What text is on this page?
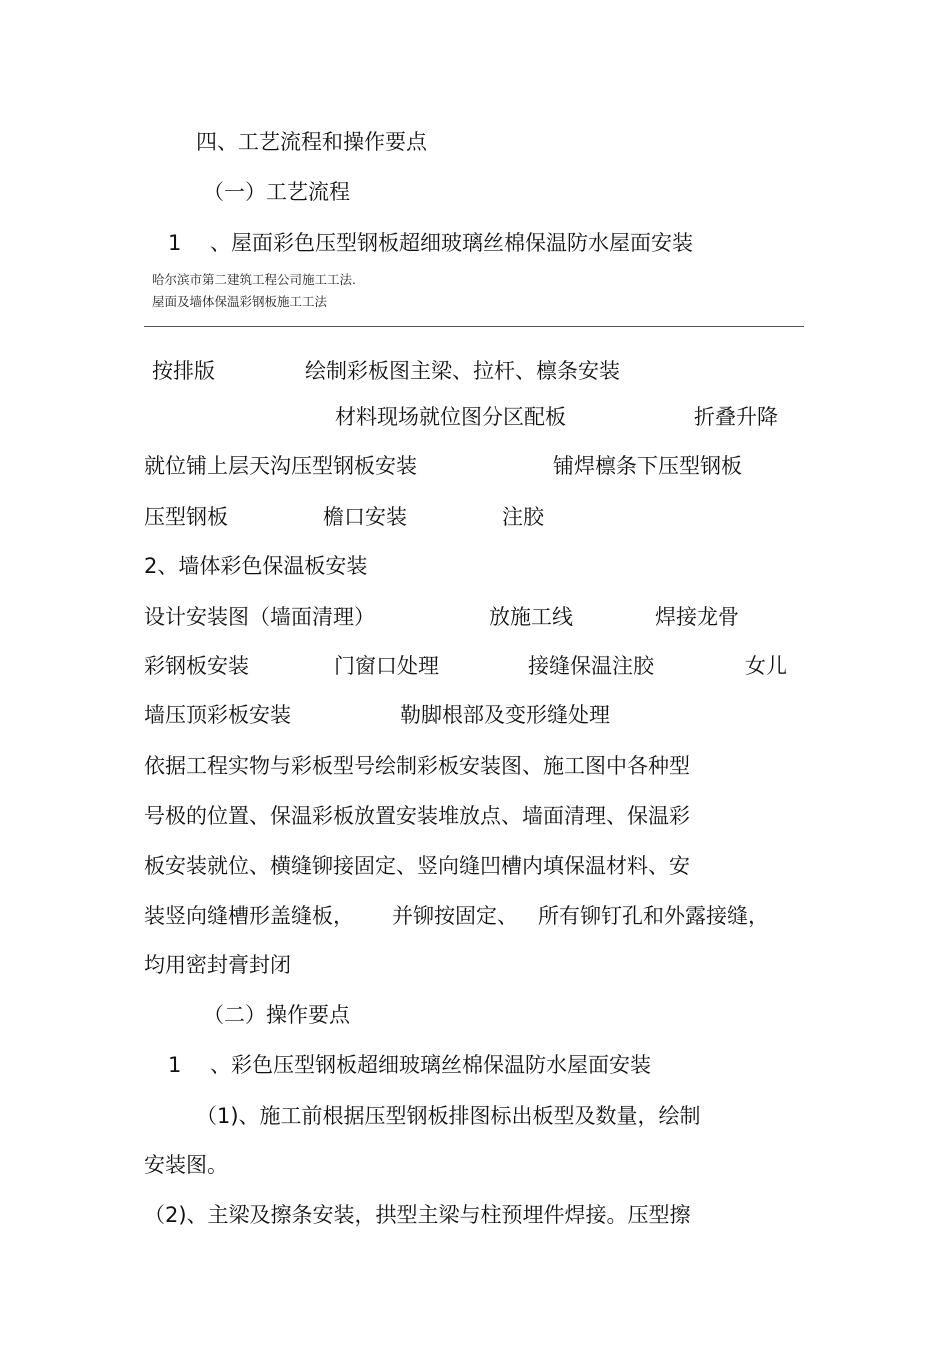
四、工艺流程和操作要点
（一）工艺流程
1 、屋面彩色压型钢板超细玻璃丝棉保温防水屋面安装
哈尔滨市第二建筑工程公司施工工法.
屋面及墙体保温彩钢板施工工法
按排版	绘制彩板图主梁、拉杆、檩条安装
材料现场就位图分区配板	折叠升降
就位铺上层天沟压型钢板安装	铺焊檩条下压型钢板
压型钢板	檐口安装	注胶
2、墙体彩色保温板安装
设计安装图（墙面清理）	放施工线	焊接龙骨
彩钢板安装	门窗口处理	接缝保温注胶	女儿
墙压顶彩板安装	勒脚根部及变形缝处理
依据工程实物与彩板型号绘制彩板安装图、施工图中各种型
号极的位置、保温彩板放置安装堆放点、墙面清理、保温彩
板安装就位、横缝铆接固定、竖向缝凹槽内填保温材料、安
装竖向缝槽形盖缝板， 并铆按固定、 所有铆钉孔和外露接缝，
均用密封膏封闭
（二）操作要点
1 、彩色压型钢板超细玻璃丝棉保温防水屋面安装
（1)、施工前根据压型钢板排图标出板型及数量，绘制
安装图。
（2)、主梁及擦条安装，拱型主梁与柱预埋件焊接。压型擦
